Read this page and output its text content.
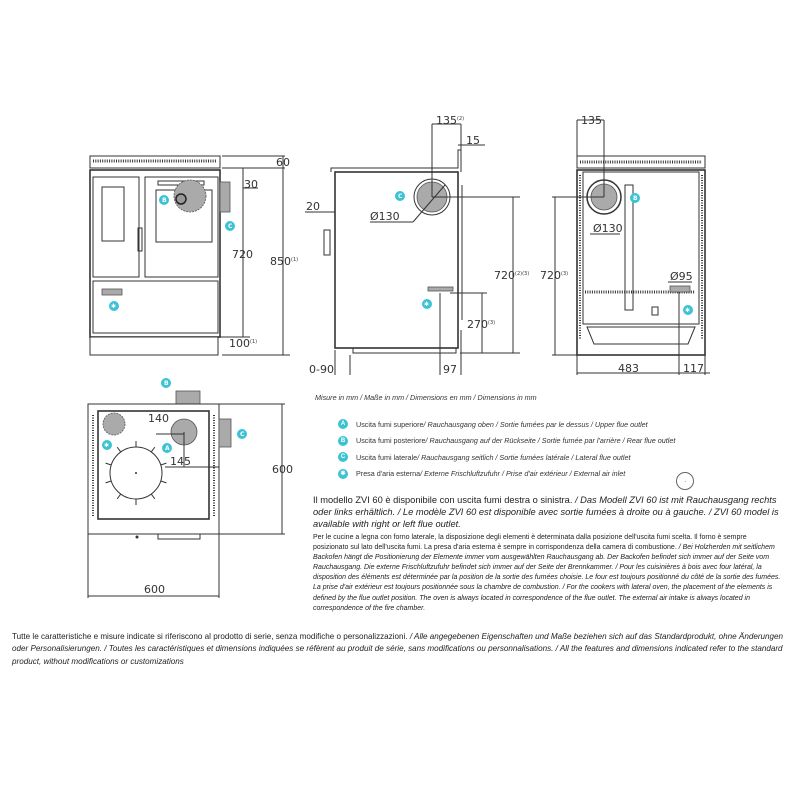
60
30
720
850$^{(1)}$
100$^{(1)}$
B
C
✱
135$^{(2)}$
15
20
Ø130
$720^{(2)(3)}$
270$^{(3)}$
0-90	97
C
✱
135
Ø130
720$^{(3)}$	Ø95
483	117
B
✱
140
145
600
600
B
C
A
✱
Misure in mm / Maße in mm / Dimensions en mm / Dimensions in mm
A	Uscita fumi superiore / Rauchausgang oben / Sortie fumées par le dessus / Upper flue outlet
B	Uscita fumi posteriore / Rauchausgang auf der Rückseite / Sortie fumée par l'arrière / Rear flue outlet
C	Uscita fumi laterale / Rauchausgang seitlich / Sortie fumées latérale / Lateral flue outlet
✱	Presa d'aria esterna / Externe Frischluftzufuhr / Prise d'air extérieur / External air inlet
◔
Il modello ZVI 60 è disponibile con uscita fumi destra o sinistra. / Das Modell ZVI 60 ist mit Rauchausgang rechts oder links erhältlich. / Le modèle ZVI 60 est disponible avec sortie fumées à droite ou à gauche. / ZVI 60 model is available with right or left flue outlet.
Per le cucine a legna con forno laterale, la disposizione degli elementi è determinata dalla posizione dell'uscita fumi scelta. Il forno è sempre posizionato sul lato dell'uscita fumi. La presa d'aria esterna è sempre in corrispondenza della camera di combustione. / Bei Holzherden mit seitlichem Backofen hängt die Positionierung der Elemente immer vom ausgewählten Rauchausgang ab. Der Backofen befindet sich immer auf der Seite vom Rauchausgang. Die externe Frischluftzufuhr befindet sich immer auf der Seite der Brennkammer. / Pour les cuisinières à bois avec four latéral, la disposition des éléments est déterminée par la position de la sortie des fumées choisie. Le four est toujours positionné du côté de la sortie des fumées. La prise d'air extérieur est toujours positionnée sous la chambre de combustion. / For the cookers with lateral oven, the placement of the elements is defined by the flue outlet position. The oven is always located in correspondence of the flue outlet. The external air intake is always located in correspondence of the fire chamber.
Tutte le caratteristiche e misure indicate si riferiscono al prodotto di serie, senza modifiche o personalizzazioni. / Alle angegebenen Eigenschaften und Maße beziehen sich auf das Standardprodukt, ohne Änderungen oder Personalisierungen. / Toutes les caractéristiques et dimensions indiquées se réfèrent au produit de série, sans modifications ou personnalisations. / All the features and dimensions indicated refer to the standard product, without modifications or customizations
